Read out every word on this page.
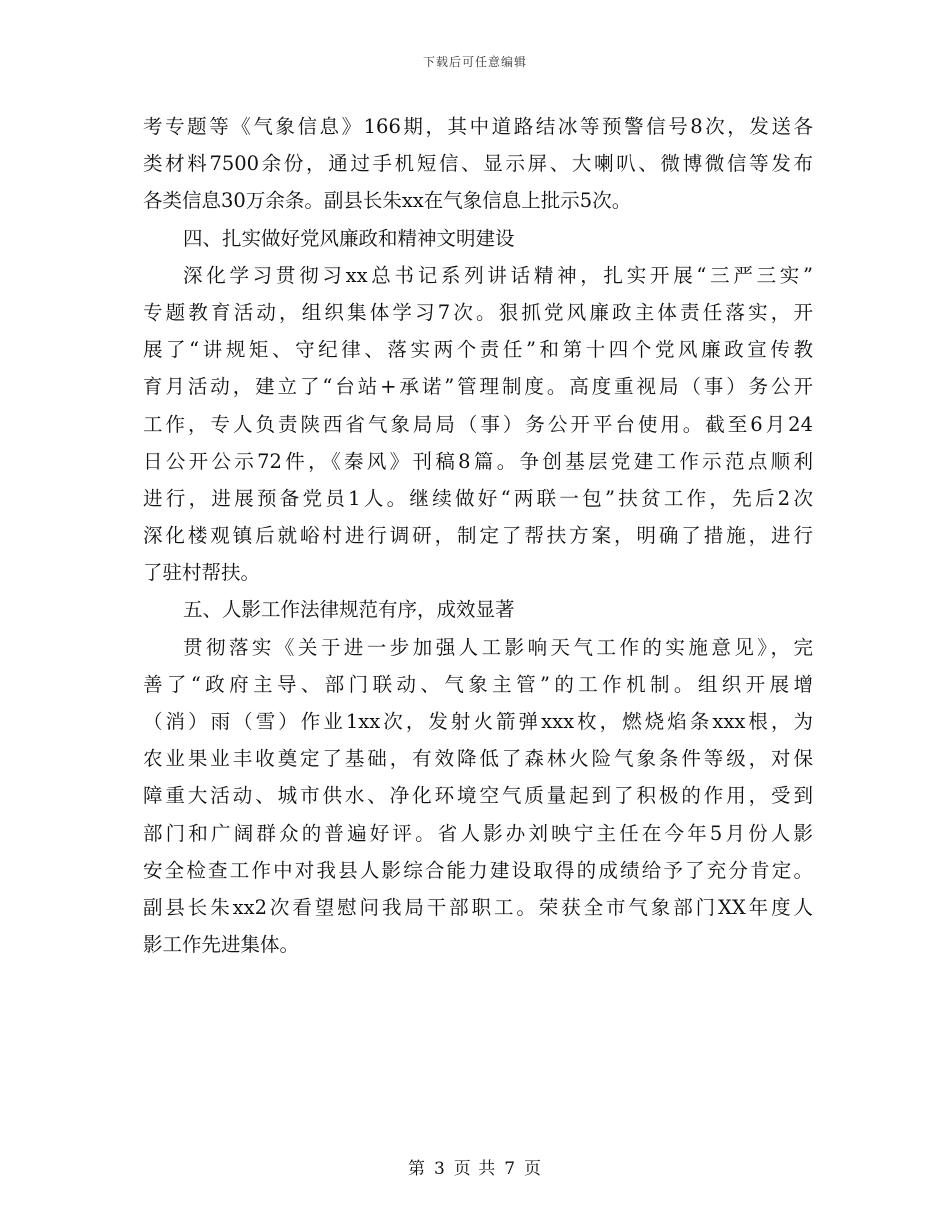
下载后可任意编辑
考专题等《气象信息》166期，其中道路结冰等预警信号8次，发送各
类材料7500余份，通过手机短信、显示屏、大喇叭、微博微信等发布
各类信息30万余条。副县长朱xx在气象信息上批示5次。
四、扎实做好党风廉政和精神文明建设
深化学习贯彻习xx总书记系列讲话精神，扎实开展“三严三实”
专题教育活动，组织集体学习7次。狠抓党风廉政主体责任落实，开
展了“讲规矩、守纪律、落实两个责任”和第十四个党风廉政宣传教
育月活动，建立了“台站+承诺”管理制度。高度重视局（事）务公开
工作，专人负责陕西省气象局局（事）务公开平台使用。截至6月24
日公开公示72件，《秦风》刊稿8篇。争创基层党建工作示范点顺利
进行，进展预备党员1人。继续做好“两联一包”扶贫工作，先后2次
深化楼观镇后就峪村进行调研，制定了帮扶方案，明确了措施，进行
了驻村帮扶。
五、人影工作法律规范有序，成效显著
贯彻落实《关于进一步加强人工影响天气工作的实施意见》，完
善了“政府主导、部门联动、气象主管”的工作机制。组织开展增
（消）雨（雪）作业1xx次，发射火箭弹xxx枚，燃烧焰条xxx根，为
农业果业丰收奠定了基础，有效降低了森林火险气象条件等级，对保
障重大活动、城市供水、净化环境空气质量起到了积极的作用，受到
部门和广阔群众的普遍好评。省人影办刘映宁主任在今年5月份人影
安全检查工作中对我县人影综合能力建设取得的成绩给予了充分肯定。
副县长朱xx2次看望慰问我局干部职工。荣获全市气象部门XX年度人
影工作先进集体。
第 3 页 共 7 页
